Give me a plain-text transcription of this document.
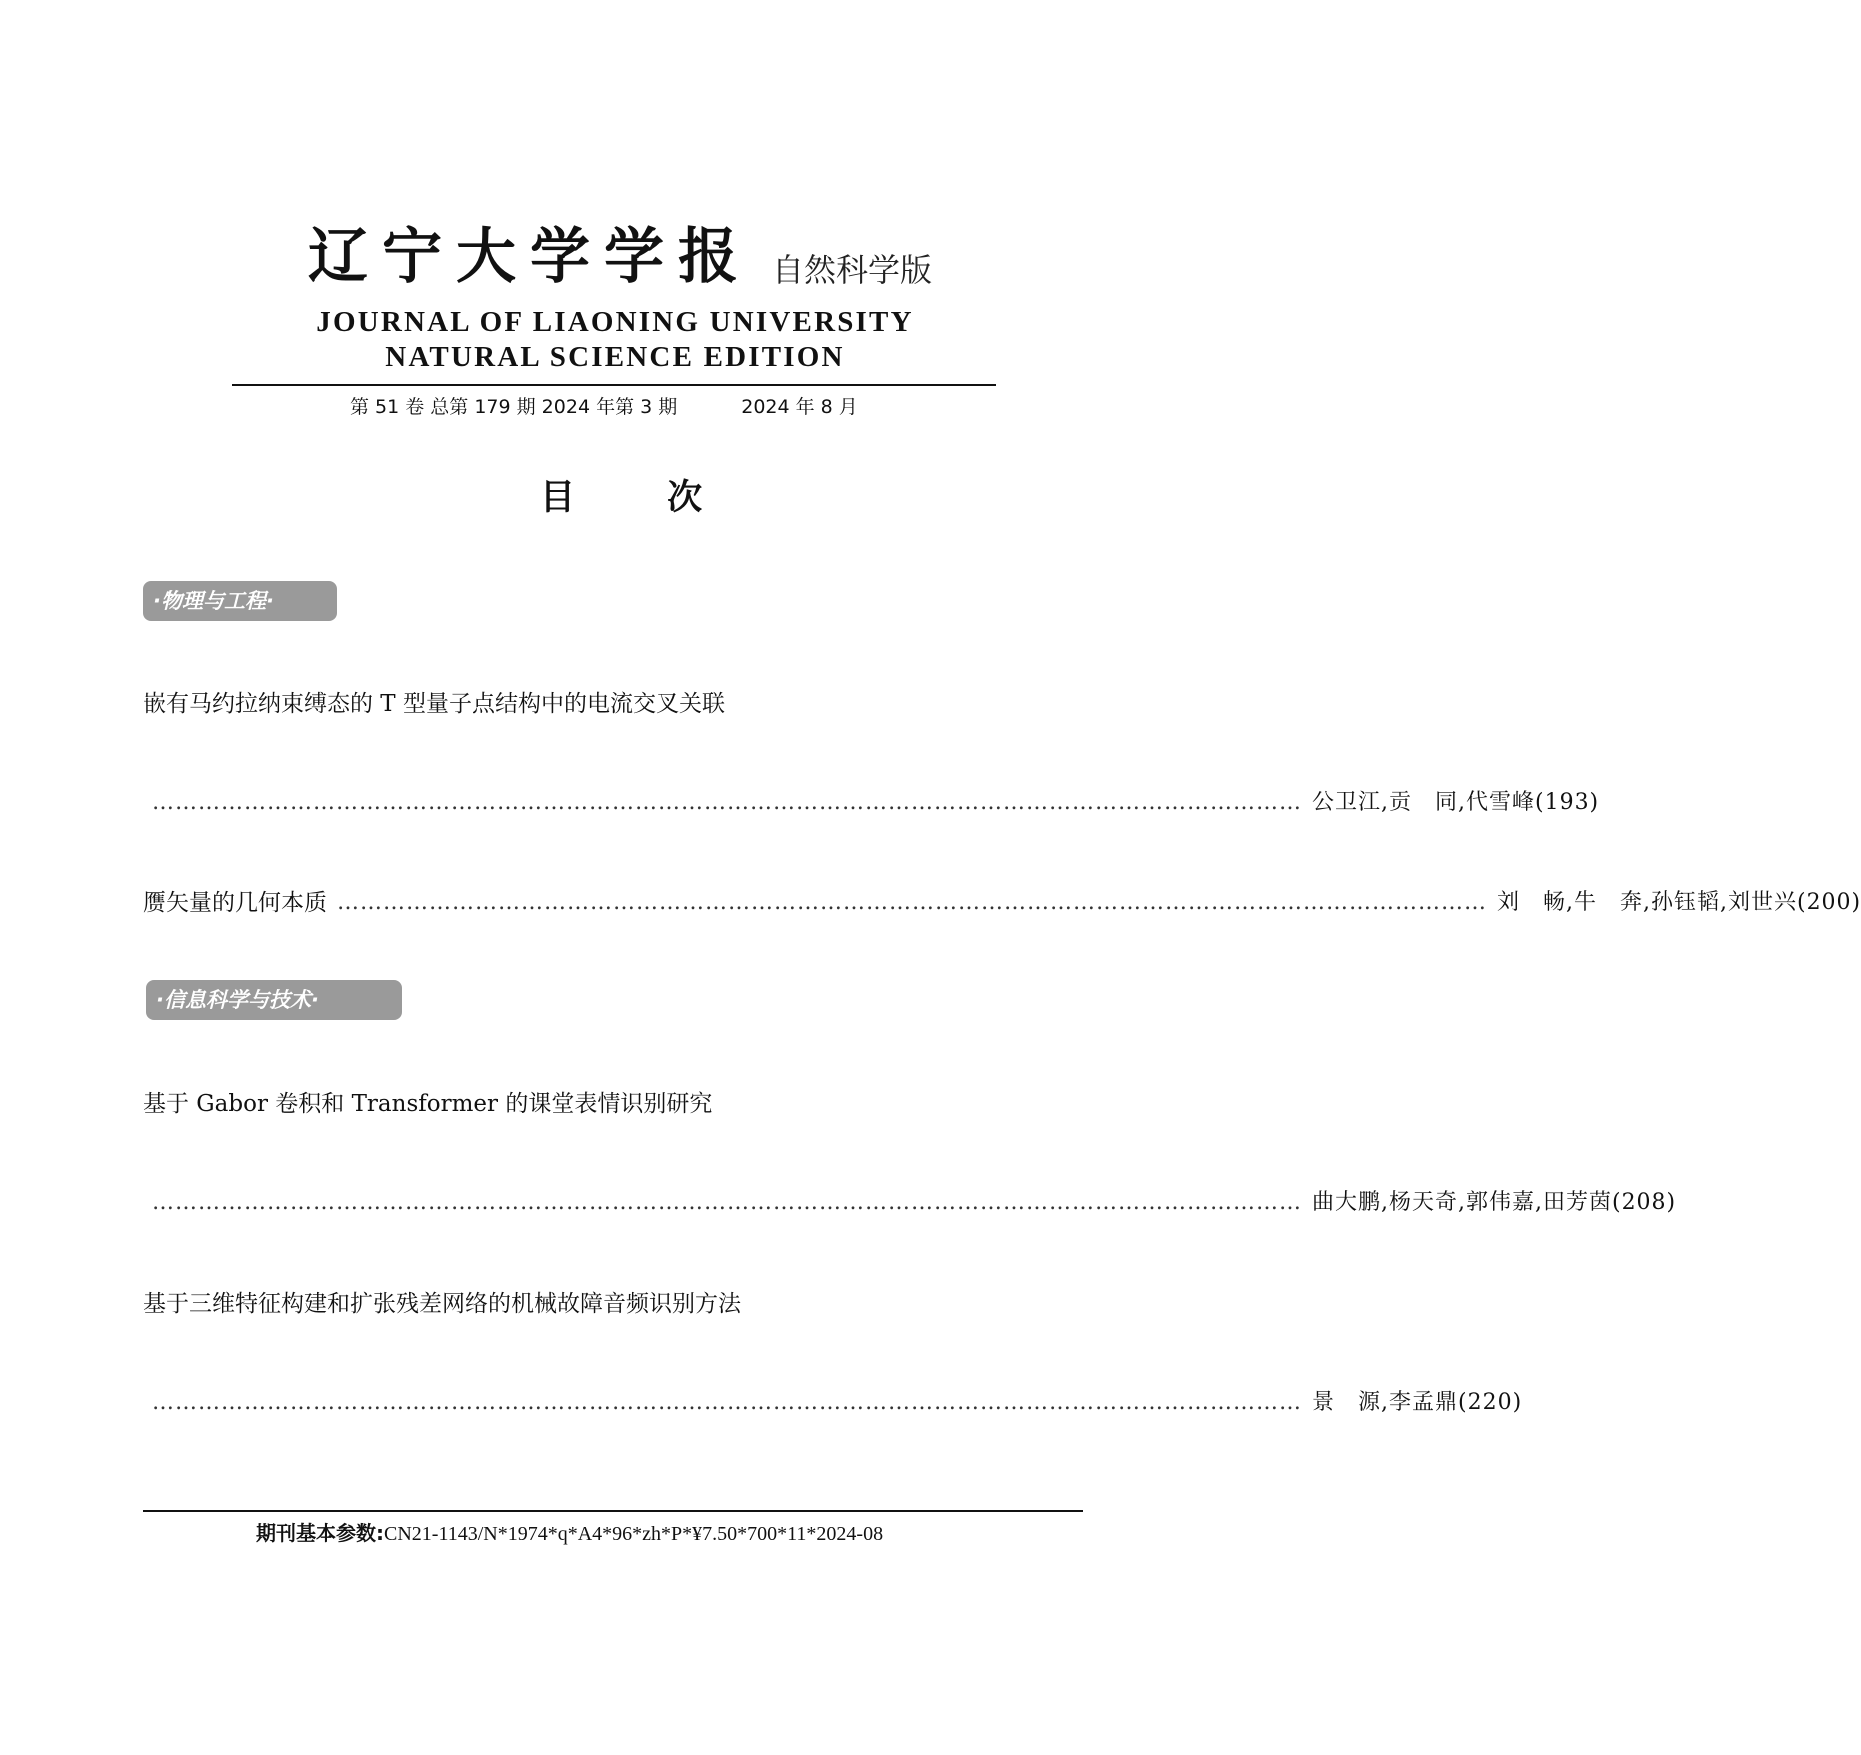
辽宁大学学报 自然科学版
JOURNAL OF LIAONING UNIVERSITY
NATURAL SCIENCE EDITION
第 51 卷 总第 179 期 2024 年第 3 期	2024 年 8 月
目 次
·物理与工程·
嵌有马约拉纳束缚态的 T 型量子点结构中的电流交叉关联
…………………………………………………………………………………………………………………………………… 公卫江,贡　同,代雪峰(193)
赝矢量的几何本质 …………………………………………………………………………………………………………………………………… 刘　畅,牛　奔,孙钰韬,刘世兴(200)
·信息科学与技术·
基于 Gabor 卷积和 Transformer 的课堂表情识别研究
…………………………………………………………………………………………………………………………………… 曲大鹏,杨天奇,郭伟嘉,田芳茵(208)
基于三维特征构建和扩张残差网络的机械故障音频识别方法
…………………………………………………………………………………………………………………………………… 景　源,李孟鼎(220)
期刊基本参数:CN21-1143/N*1974*q*A4*96*zh*P*¥7.50*700*11*2024-08
